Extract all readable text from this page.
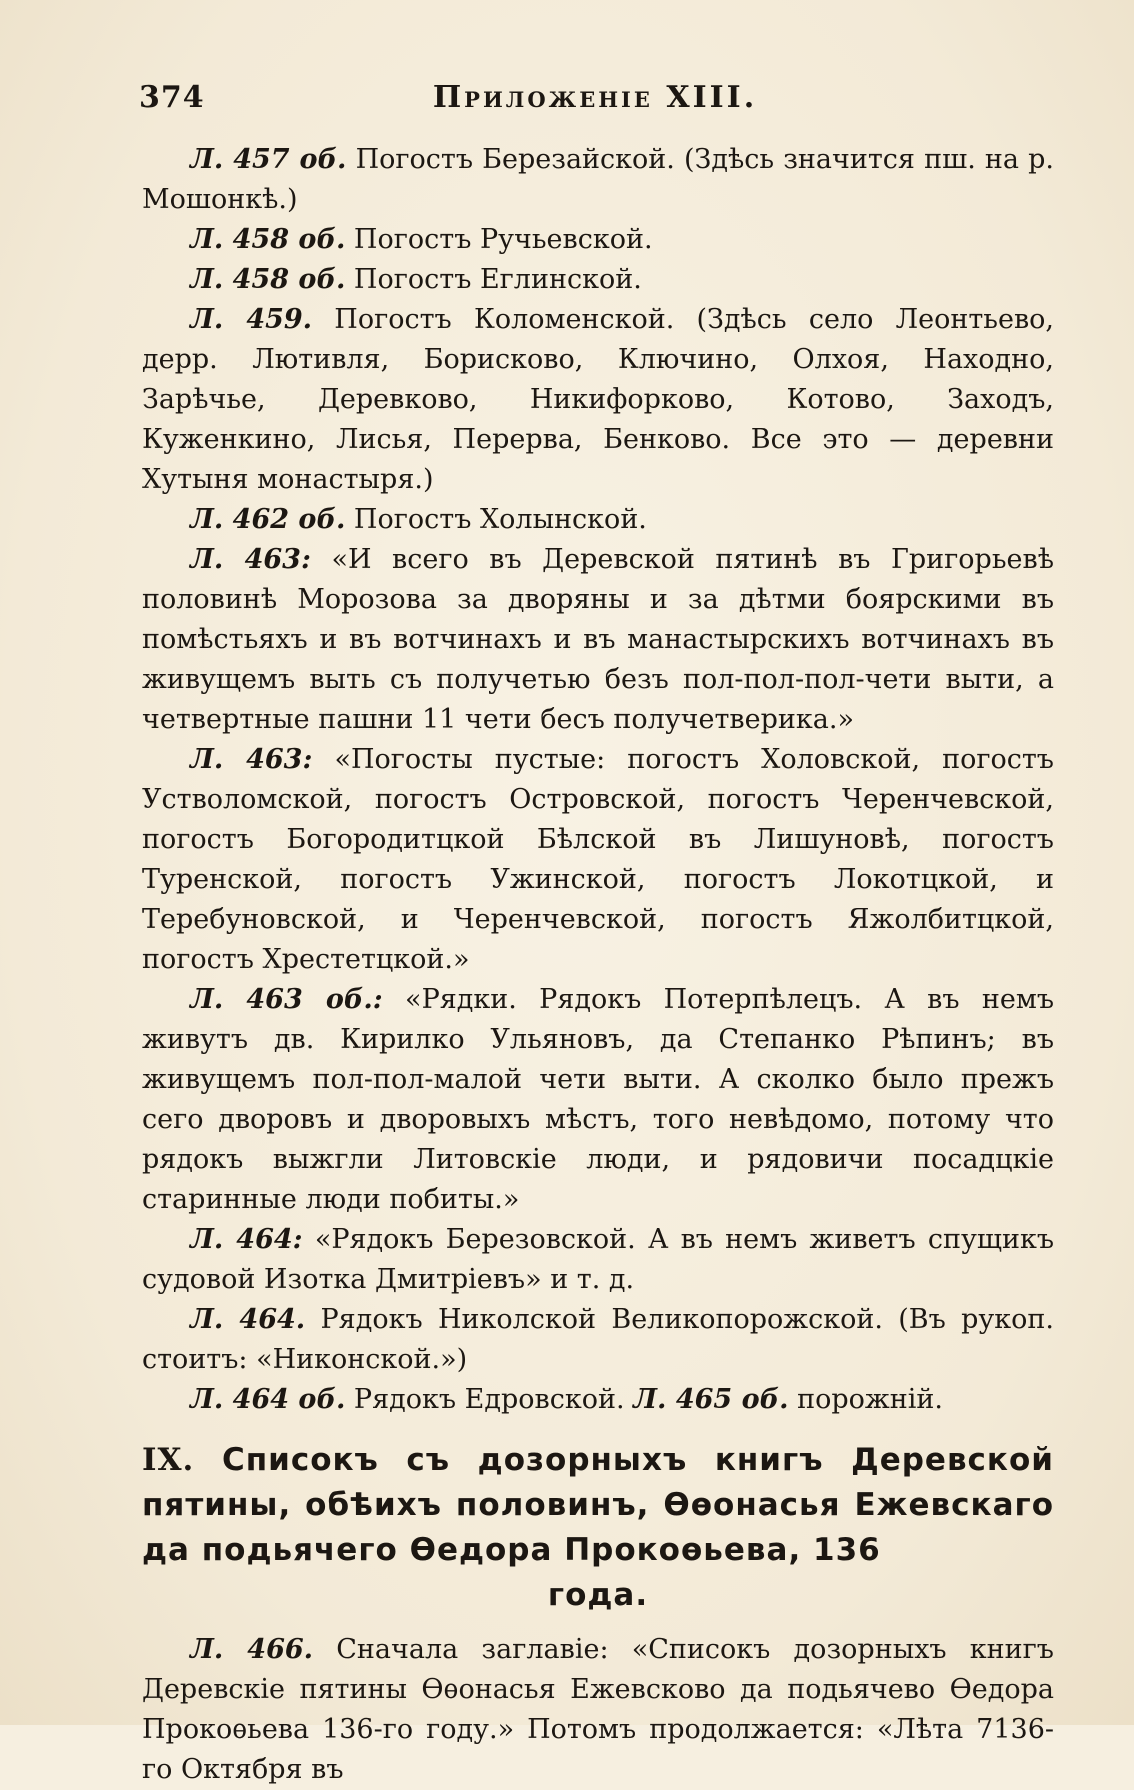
374	Приложеніе XIII.

Л. 457 об. Погостъ Березайской. (Здѣсь значится пш. на р. Мошонкѣ.)

Л. 458 об. Погостъ Ручьевской.

Л. 458 об. Погостъ Еглинской.

Л. 459. Погостъ Коломенской. (Здѣсь село Леонтьево, дерр. Лютивля, Борисково, Ключино, Олхоя, Находно, Зарѣчье, Деревково, Никифорково, Котово, Заходъ, Куженкино, Лисья, Перерва, Бенково. Все это — деревни Хутыня монастыря.)

Л. 462 об. Погостъ Холынской.

Л. 463: «И всего въ Деревской пятинѣ въ Григорьевѣ половинѣ Морозова за дворяны и за дѣтми боярскими въ помѣстьяхъ и въ вотчинахъ и въ манастырскихъ вотчинахъ въ живущемъ выть съ получетью безъ пол-пол-пол-чети выти, а четвертные пашни 11 чети бесъ получетверика.»

Л. 463: «Погосты пустые: погостъ Холовской, погостъ Устволомской, погостъ Островской, погостъ Черенчевской, погостъ Богородитцкой Бѣлской въ Лишуновѣ, погостъ Туренской, погостъ Ужинской, погостъ Локотцкой, и Теребуновской, и Черенчевской, погостъ Яжолбитцкой, погостъ Хрестетцкой.»

Л. 463 об.: «Рядки. Рядокъ Потерпѣлецъ. А въ немъ живутъ дв. Кирилко Ульяновъ, да Степанко Рѣпинъ; въ живущемъ пол-пол-малой чети выти. А сколко было прежъ сего дворовъ и дворовыхъ мѣстъ, того невѣдомо, потому что рядокъ выжгли Литовскіе люди, и рядовичи посадцкіе старинные люди побиты.»

Л. 464: «Рядокъ Березовской. А въ немъ живетъ спущикъ судовой Изотка Дмитріевъ» и т. д.

Л. 464. Рядокъ Николской Великопорожской. (Въ рукоп. стоитъ: «Никонской.»)

Л. 464 об. Рядокъ Едровской. Л. 465 об. порожній.

IX. Списокъ съ дозорныхъ книгъ Деревской пятины, обѣихъ половинъ, Ѳѳонасья Ежевскаго да подьячего Ѳедора Прокоѳьева, 136
года.

Л. 466. Сначала заглавіе: «Списокъ дозорныхъ книгъ Деревскіе пятины Ѳѳонасья Ежевсково да подьячево Ѳедора Прокоѳьева 136-го году.» Потомъ продолжается: «Лѣта 7136-го Октября въ
